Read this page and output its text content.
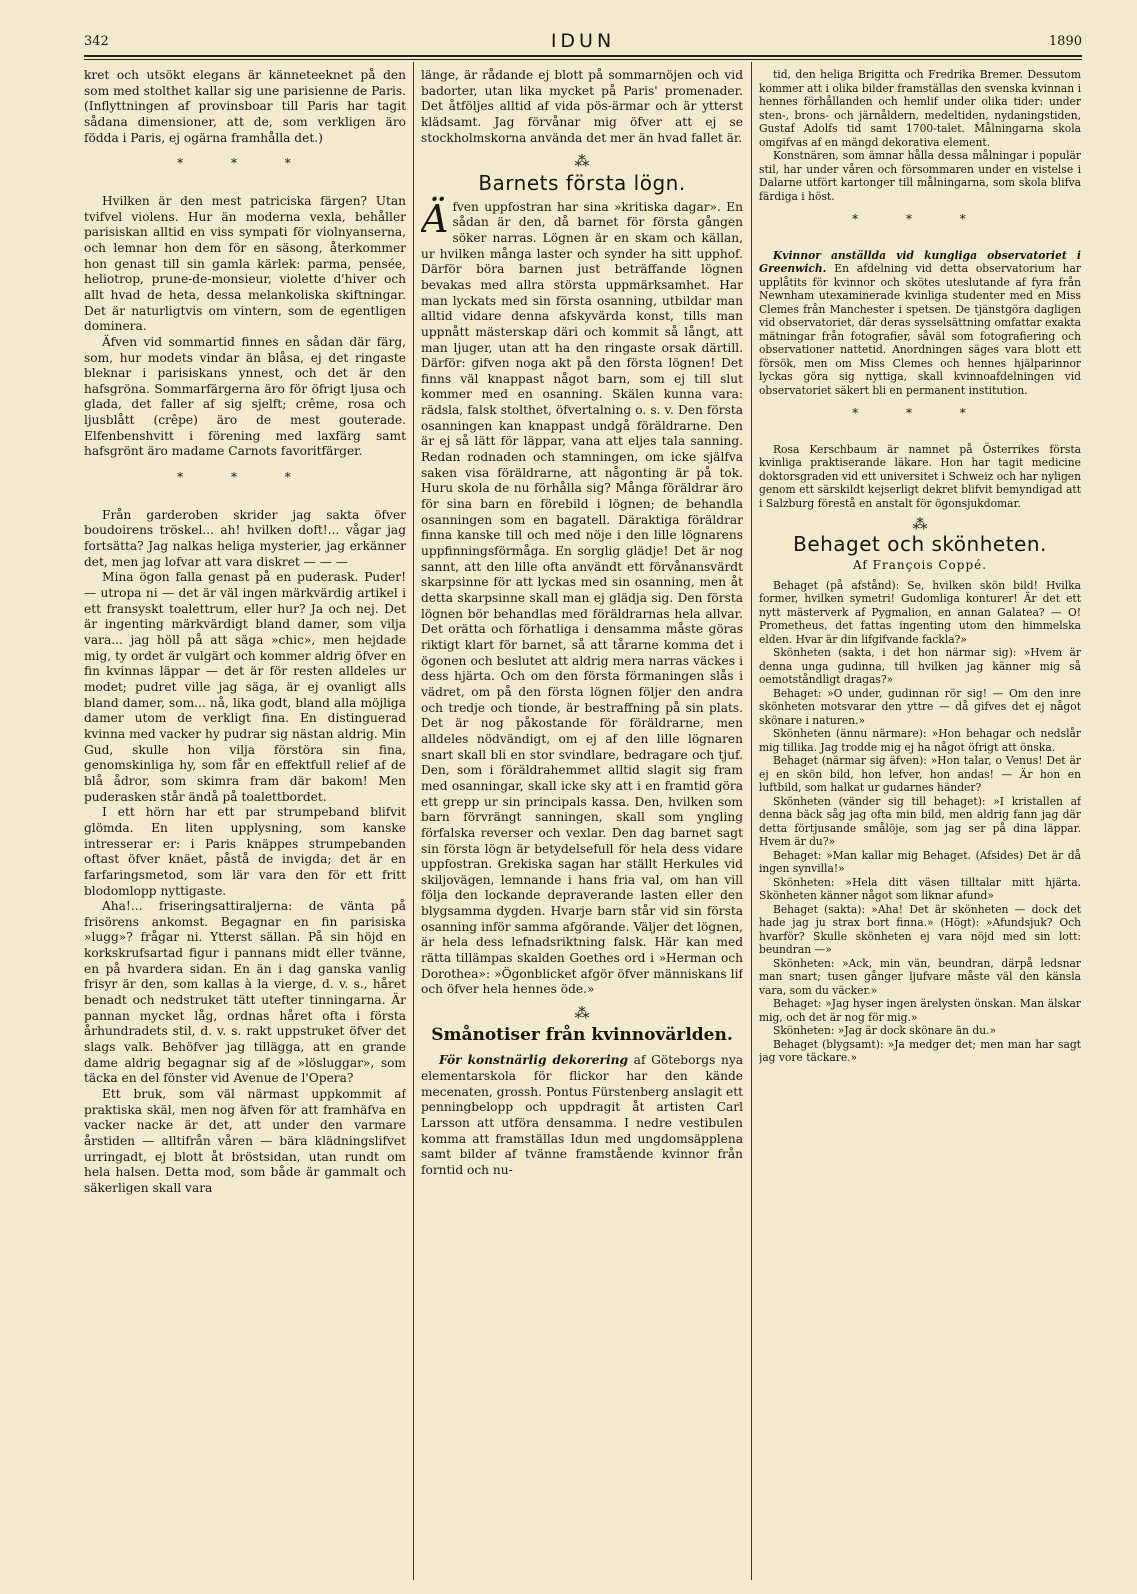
342	IDUN	1890

kret och utsökt elegans är känneteeknet på den som med stolthet kallar sig une parisienne de Paris. (Inflyttningen af provinsboar till Paris har tagit sådana dimensioner, att de, som verkligen äro födda i Paris, ej ogärna framhålla det.)

* * *

Hvilken är den mest patriciska färgen? Utan tvifvel violens. Hur än moderna vexla, behåller parisiskan alltid en viss sympati för violnyanserna, och lemnar hon dem för en säsong, återkommer hon genast till sin gamla kärlek: parma, pensée, heliotrop, prune-de-monsieur, violette d'hiver och allt hvad de heta, dessa melankoliska skiftningar. Det är naturligtvis om vintern, som de egentligen dominera.

Äfven vid sommartid finnes en sådan där färg, som, hur modets vindar än blåsa, ej det ringaste bleknar i parisiskans ynnest, och det är den hafsgröna. Sommarfärgerna äro för öfrigt ljusa och glada, det faller af sig sjelft; crême, rosa och ljusblått (crêpe) äro de mest gouterade. Elfenbenshvitt i förening med laxfärg samt hafsgrönt äro madame Carnots favoritfärger.

* * *

Från garderoben skrider jag sakta öfver boudoirens tröskel... ah! hvilken doft!... vågar jag fortsätta? Jag nalkas heliga mysterier, jag erkänner det, men jag lofvar att vara diskret — — —

Mina ögon falla genast på en puderask. Puder! — utropa ni — det är väl ingen märkvärdig artikel i ett fransyskt toalettrum, eller hur? Ja och nej. Det är ingenting märkvärdigt bland damer, som vilja vara... jag höll på att säga »chic», men hejdade mig, ty ordet är vulgärt och kommer aldrig öfver en fin kvinnas läppar — det är för resten alldeles ur modet; pudret ville jag säga, är ej ovanligt alls bland damer, som... nå, lika godt, bland alla möjliga damer utom de verkligt fina. En distinguerad kvinna med vacker hy pudrar sig nästan aldrig. Min Gud, skulle hon vilja förstöra sin fina, genomskinliga hy, som får en effektfull relief af de blå ådror, som skimra fram där bakom! Men puderasken står ändå på toalettbordet.

I ett hörn har ett par strumpeband blifvit glömda. En liten upplysning, som kanske intresserar er: i Paris knäppes strumpebanden oftast öfver knäet, påstå de invigda; det är en farfaringsmetod, som lär vara den för ett fritt blodomlopp nyttigaste.

Aha!... friseringsattiraljerna: de vänta på frisörens ankomst. Begagnar en fin parisiska »lugg»? frågar ni. Ytterst sällan. På sin höjd en korkskrufsartad figur i pannans midt eller tvänne, en på hvardera sidan. En än i dag ganska vanlig frisyr är den, som kallas à la vierge, d. v. s., håret benadt och nedstruket tätt utefter tinningarna. Är pannan mycket låg, ordnas håret ofta i första århundradets stil, d. v. s. rakt uppstruket öfver det slags valk. Behöfver jag tillägga, att en grande dame aldrig begagnar sig af de »lösluggar», som täcka en del fönster vid Avenue de l'Opera?

Ett bruk, som väl närmast uppkommit af praktiska skäl, men nog äfven för att framhäfva en vacker nacke är det, att under den varmare årstiden — alltifrån våren — bära klädningslifvet urringadt, ej blott åt bröstsidan, utan rundt om hela halsen. Detta mod, som både är gammalt och säkerligen skall vara

länge, är rådande ej blott på sommarnöjen och vid badorter, utan lika mycket på Paris' promenader. Det åtföljes alltid af vida pös-ärmar och är ytterst klädsamt. Jag förvånar mig öfver att ej se stockholmskorna använda det mer än hvad fallet är.

⁂
Barnets första lögn.

Äfven uppfostran har sina »kritiska dagar». En sådan är den, då barnet för första gången söker narras. Lögnen är en skam och källan, ur hvilken många laster och synder ha sitt upphof. Därför böra barnen just beträffande lögnen bevakas med allra största uppmärksamhet. Har man lyckats med sin första osanning, utbildar man alltid vidare denna afskyvärda konst, tills man uppnått mästerskap däri och kommit så långt, att man ljuger, utan att ha den ringaste orsak därtill. Därför: gifven noga akt på den första lögnen! Det finns väl knappast något barn, som ej till slut kommer med en osanning. Skälen kunna vara: rädsla, falsk stolthet, öfvertalning o. s. v. Den första osanningen kan knappast undgå föräldrarne. Den är ej så lätt för läppar, vana att eljes tala sanning. Redan rodnaden och stamningen, om icke själfva saken visa föräldrarne, att någonting är på tok. Huru skola de nu förhålla sig? Många föräldrar äro för sina barn en förebild i lögnen; de behandla osanningen som en bagatell. Däraktiga föräldrar finna kanske till och med nöje i den lille lögnarens uppfinningsförmåga. En sorglig glädje! Det är nog sannt, att den lille ofta användt ett förvånansvärdt skarpsinne för att lyckas med sin osanning, men åt detta skarpsinne skall man ej glädja sig. Den första lögnen bör behandlas med föräldrarnas hela allvar. Det orätta och förhatliga i densamma måste göras riktigt klart för barnet, så att tårarne komma det i ögonen och beslutet att aldrig mera narras väckes i dess hjärta. Och om den första förmaningen slås i vädret, om på den första lögnen följer den andra och tredje och tionde, är bestraffning på sin plats. Det är nog påkostande för föräldrarne, men alldeles nödvändigt, om ej af den lille lögnaren snart skall bli en stor svindlare, bedragare och tjuf. Den, som i föräldrahemmet alltid slagit sig fram med osanningar, skall icke sky att i en framtid göra ett grepp ur sin principals kassa. Den, hvilken som barn förvrängt sanningen, skall som yngling förfalska reverser och vexlar. Den dag barnet sagt sin första lögn är betydelsefull för hela dess vidare uppfostran. Grekiska sagan har ställt Herkules vid skiljovägen, lemnande i hans fria val, om han vill följa den lockande depraverande lasten eller den blygsamma dygden. Hvarje barn står vid sin första osanning inför samma afgörande. Väljer det lögnen, är hela dess lefnadsriktning falsk. Här kan med rätta tillämpas skalden Goethes ord i »Herman och Dorothea»: »Ögonblicket afgör öfver människans lif och öfver hela hennes öde.»

⁂
Smånotiser från kvinnovärlden.

För konstnärlig dekorering af Göteborgs nya elementarskola för flickor har den kände mecenaten, grossh. Pontus Fürstenberg anslagit ett penningbelopp och uppdragit åt artisten Carl Larsson att utföra densamma. I nedre vestibulen komma att framställas Idun med ungdomsäpplena samt bilder af tvänne framstående kvinnor från forntid och nu-

tid, den heliga Brigitta och Fredrika Bremer. Dessutom kommer att i olika bilder framställas den svenska kvinnan i hennes förhållanden och hemlif under olika tider: under sten-, brons- och järnåldern, medeltiden, nydaningstiden, Gustaf Adolfs tid samt 1700-talet. Målningarna skola omgifvas af en mängd dekorativa element.

Konstnären, som ämnar hålla dessa målningar i populär stil, har under våren och försommaren under en vistelse i Dalarne utfört kartonger till målningarna, som skola blifva färdiga i höst.

* * *

Kvinnor anställda vid kungliga observatoriet i Greenwich. En afdelning vid detta observatorium har upplåtits för kvinnor och skötes uteslutande af fyra från Newnham utexaminerade kvinliga studenter med en Miss Clemes från Manchester i spetsen. De tjänstgöra dagligen vid observatoriet, där deras sysselsättning omfattar exakta mätningar från fotografier, såväl som fotografiering och observationer nattetid. Anordningen säges vara blott ett försök, men om Miss Clemes och hennes hjälparinnor lyckas göra sig nyttiga, skall kvinnoafdelningen vid observatoriet säkert bli en permanent institution.

* * *

Rosa Kerschbaum är namnet på Österrikes första kvinliga praktiserande läkare. Hon har tagit medicine doktorsgraden vid ett universitet i Schweiz och har nyligen genom ett särskildt kejserligt dekret blifvit bemyndigad att i Salzburg förestå en anstalt för ögonsjukdomar.

⁂
Behaget och skönheten.
Af François Coppé.

Behaget (på afstånd): Se, hvilken skön bild! Hvilka former, hvilken symetri! Gudomliga konturer! Är det ett nytt mästerverk af Pygmalion, en annan Galatea? — O! Prometheus, det fattas ingenting utom den himmelska elden. Hvar är din lifgifvande fackla?»

Skönheten (sakta, i det hon närmar sig): »Hvem är denna unga gudinna, till hvilken jag känner mig så oemotståndligt dragas?»

Behaget: »O under, gudinnan rör sig! — Om den inre skönheten motsvarar den yttre — då gifves det ej något skönare i naturen.»

Skönheten (ännu närmare): »Hon behagar och nedslår mig tillika. Jag trodde mig ej ha något öfrigt att önska.

Behaget (närmar sig äfven): »Hon talar, o Venus! Det är ej en skön bild, hon lefver, hon andas! — Är hon en luftbild, som halkat ur gudarnes händer?

Skönheten (vänder sig till behaget): »I kristallen af denna bäck såg jag ofta min bild, men aldrig fann jag där detta förtjusande smålöje, som jag ser på dina läppar. Hvem är du?»

Behaget: »Man kallar mig Behaget. (Afsides) Det är då ingen synvilla!»

Skönheten: »Hela ditt väsen tilltalar mitt hjärta. Skönheten känner något som liknar afund»

Behaget (sakta): »Aha! Det är skönheten — dock det hade jag ju strax bort finna.» (Högt): »Afundsjuk? Och hvarför? Skulle skönheten ej vara nöjd med sin lott: beundran —»

Skönheten: »Ack, min vän, beundran, därpå ledsnar man snart; tusen gånger ljufvare måste väl den känsla vara, som du väcker.»

Behaget: »Jag hyser ingen ärelysten önskan. Man älskar mig, och det är nog för mig.»

Skönheten: »Jag är dock skönare än du.»

Behaget (blygsamt): »Ja medger det; men man har sagt jag vore täckare.»
